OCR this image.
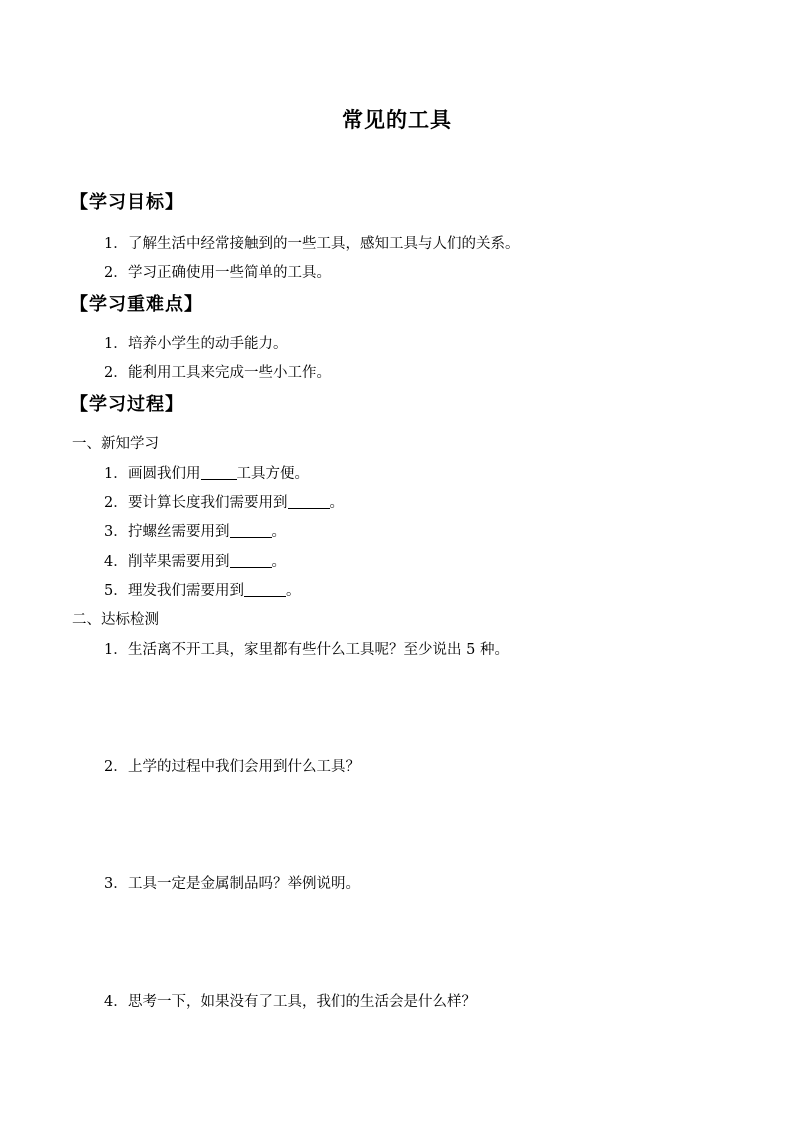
常见的工具
【学习目标】
1．了解生活中经常接触到的一些工具，感知工具与人们的关系。
2．学习正确使用一些简单的工具。
【学习重难点】
1．培养小学生的动手能力。
2．能利用工具来完成一些小工作。
【学习过程】
一、新知学习
1．画圆我们用 工具方便。
2．要计算长度我们需要用到	。
3．拧螺丝需要用到	。
4．削苹果需要用到	。
5．理发我们需要用到	。
二、达标检测
1．生活离不开工具，家里都有些什么工具呢？至少说出 5 种。
2．上学的过程中我们会用到什么工具？
3．工具一定是金属制品吗？举例说明。
4．思考一下，如果没有了工具，我们的生活会是什么样？
